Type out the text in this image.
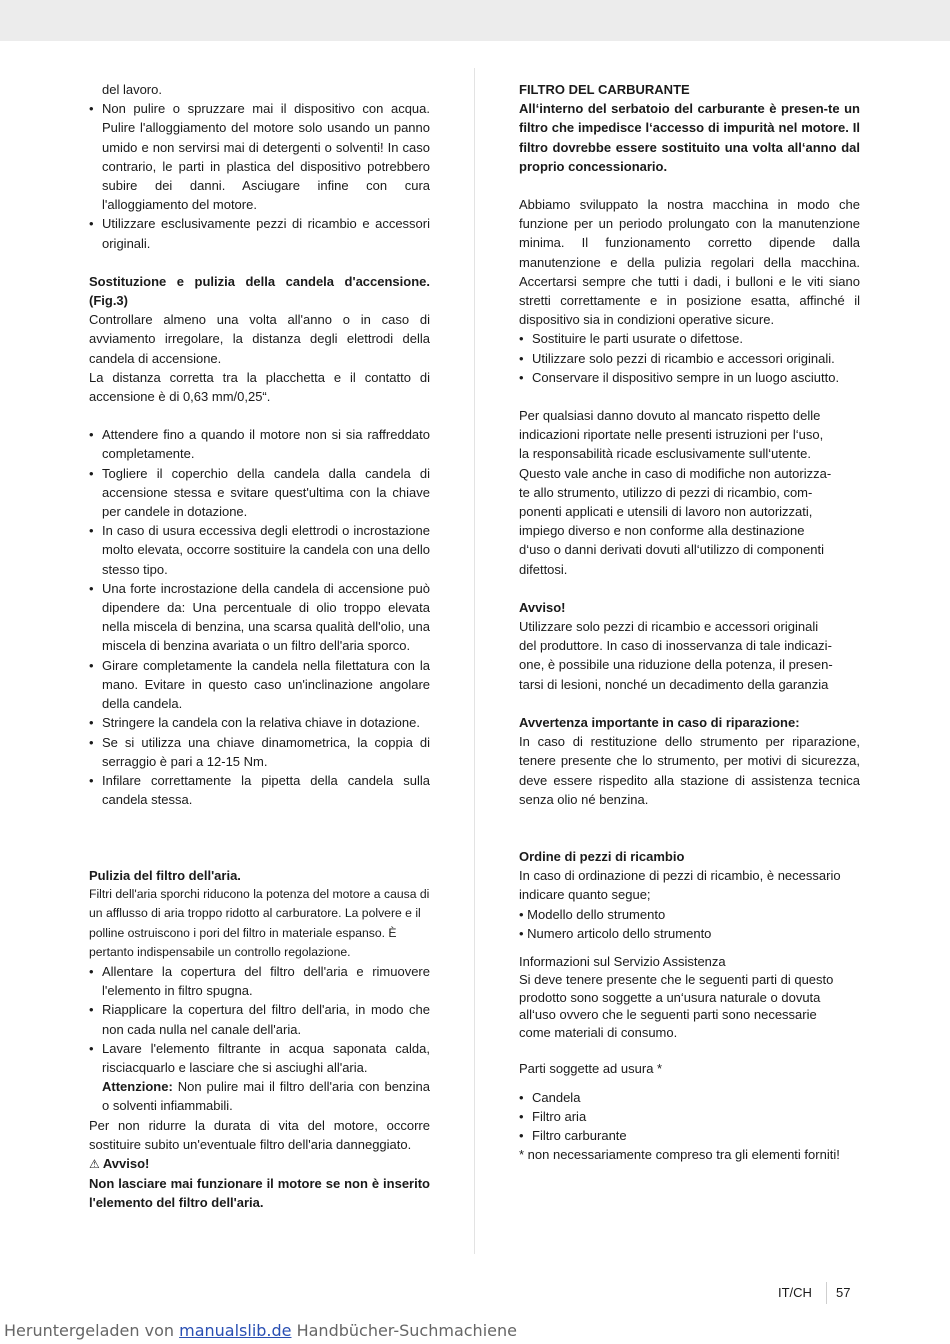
del lavoro.

• Non pulire o spruzzare mai il dispositivo con acqua. Pulire l'alloggiamento del motore solo usando un panno umido e non servirsi mai di detergenti o solventi! In caso contrario, le parti in plastica del dispositivo potrebbero subire dei danni. Asciugare infine con cura l'alloggiamento del motore.
• Utilizzare esclusivamente pezzi di ricambio e accessori originali.

Sostituzione e pulizia della candela d'accensione. (Fig.3)

Controllare almeno una volta all'anno o in caso di avviamento irregolare, la distanza degli elettrodi della candela di accensione.

La distanza corretta tra la placchetta e il contatto di accensione è di 0,63 mm/0,25“.

• Attendere fino a quando il motore non si sia raffreddato completamente.
• Togliere il coperchio della candela dalla candela di accensione stessa e svitare quest'ultima con la chiave per candele in dotazione.
• In caso di usura eccessiva degli elettrodi o incrostazione molto elevata, occorre sostituire la candela con una dello stesso tipo.
• Una forte incrostazione della candela di accensione può dipendere da: Una percentuale di olio troppo elevata nella miscela di benzina, una scarsa qualità dell'olio, una miscela di benzina avariata o un filtro dell'aria sporco.
• Girare completamente la candela nella filettatura con la mano. Evitare in questo caso un'inclinazione angolare della candela.
• Stringere la candela con la relativa chiave in dotazione.
• Se si utilizza una chiave dinamometrica, la coppia di serraggio è pari a 12-15 Nm.
• Infilare correttamente la pipetta della candela sulla candela stessa.

FILTRO DEL CARBURANTE

All‘interno del serbatoio del carburante è presen-te un filtro che impedisce l‘accesso di impurità nel motore. Il filtro dovrebbe essere sostituito una volta all‘anno dal proprio concessionario.

Abbiamo sviluppato la nostra macchina in modo che funzione per un periodo prolungato con la manutenzione minima. Il funzionamento corretto dipende dalla manutenzione e della pulizia regolari della macchina. Accertarsi sempre che tutti i dadi, i bulloni e le viti siano stretti correttamente e in posizione esatta, affinché il dispositivo sia in condizioni operative sicure.

• Sostituire le parti usurate o difettose.
• Utilizzare solo pezzi di ricambio e accessori originali.
• Conservare il dispositivo sempre in un luogo asciutto.

Per qualsiasi danno dovuto al mancato rispetto delle

indicazioni riportate nelle presenti istruzioni per l‘uso,

la responsabilità ricade esclusivamente sull‘utente.

Questo vale anche in caso di modifiche non autorizza-

te allo strumento, utilizzo di pezzi di ricambio, com-

ponenti applicati e utensili di lavoro non autorizzati,

impiego diverso e non conforme alla destinazione

d‘uso o danni derivati dovuti all‘utilizzo di componenti

difettosi.

Avviso!

Utilizzare solo pezzi di ricambio e accessori originali

del produttore. In caso di inosservanza di tale indicazi-

one, è possibile una riduzione della potenza, il presen-

tarsi di lesioni, nonché un decadimento della garanzia

Avvertenza importante in caso di riparazione:

In caso di restituzione dello strumento per riparazione, tenere presente che lo strumento, per motivi di sicurezza, deve essere rispedito alla stazione di assistenza tecnica senza olio né benzina.

Pulizia del filtro dell'aria.

Filtri dell'aria sporchi riducono la potenza del motore a causa di un afflusso di aria troppo ridotto al carburatore. La polvere e il polline ostruiscono i pori del filtro in materiale espanso. È pertanto indispensabile un controllo regolazione.

• Allentare la copertura del filtro dell'aria e rimuovere l'elemento in filtro spugna.
• Riapplicare la copertura del filtro dell'aria, in modo che non cada nulla nel canale dell'aria.
• Lavare l'elemento filtrante in acqua saponata calda, risciacquarlo e lasciare che si asciughi all'aria.

Attenzione: Non pulire mai il filtro dell'aria con benzina o solventi infiammabili.

Per non ridurre la durata di vita del motore, occorre sostituire subito un'eventuale filtro dell'aria danneggiato.

⚠ Avviso!

Non lasciare mai funzionare il motore se non è inserito l'elemento del filtro dell'aria.

Ordine di pezzi di ricambio

In caso di ordinazione di pezzi di ricambio, è necessario indicare quanto segue;

• Modello dello strumento

• Numero articolo dello strumento

Informazioni sul Servizio Assistenza

Si deve tenere presente che le seguenti parti di questo

prodotto sono soggette a un‘usura naturale o dovuta

all‘uso ovvero che le seguenti parti sono necessarie

come materiali di consumo.

Parti soggette ad usura *

• Candela
• Filtro aria
• Filtro carburante

* non necessariamente compreso tra gli elementi forniti!

IT/CH 57
Heruntergeladen von manualslib.de Handbücher-Suchmachiene
